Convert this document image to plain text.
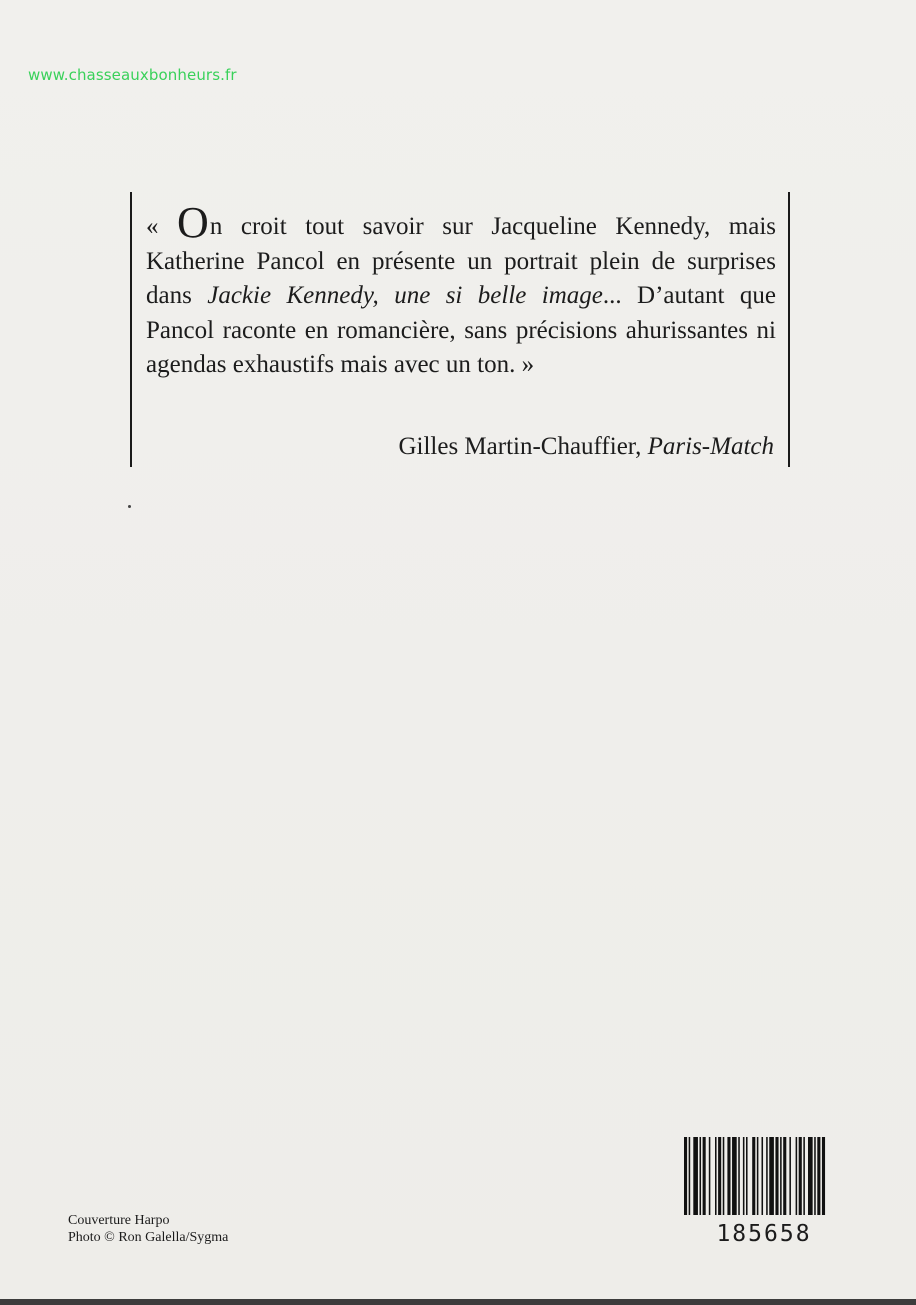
www.chasseauxbonheurs.fr
« On croit tout savoir sur Jacqueline Kennedy, mais Katherine Pancol en présente un portrait plein de surprises dans Jackie Kennedy, une si belle image... D’autant que Pancol raconte en romancière, sans précisions ahurissantes ni agendas exhaustifs mais avec un ton. »
Gilles Martin-Chauffier, Paris-Match
Couverture Harpo
Photo © Ron Galella/Sygma	185658
